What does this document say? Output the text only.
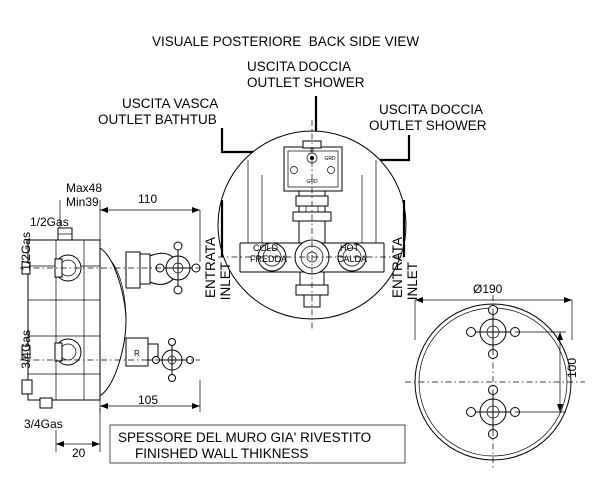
D
GRD
GRD
R
VISUALE POSTERIORE  BACK SIDE VIEW
USCITA DOCCIA
OUTLET SHOWER
USCITA VASCA
OUTLET BATHTUB
USCITA DOCCIA
OUTLET SHOWER
ENTRATA INLET	ENTRATA INLET
COLD
FREDDA
HOT
CALDA
Max48
Min39	110
105
20
1/2Gas
1/2Gas
3/4Gas
3/4Gas
SPESSORE DEL MURO GIA' RIVESTITO
FINISHED WALL THIKNESS
Ø190
100
